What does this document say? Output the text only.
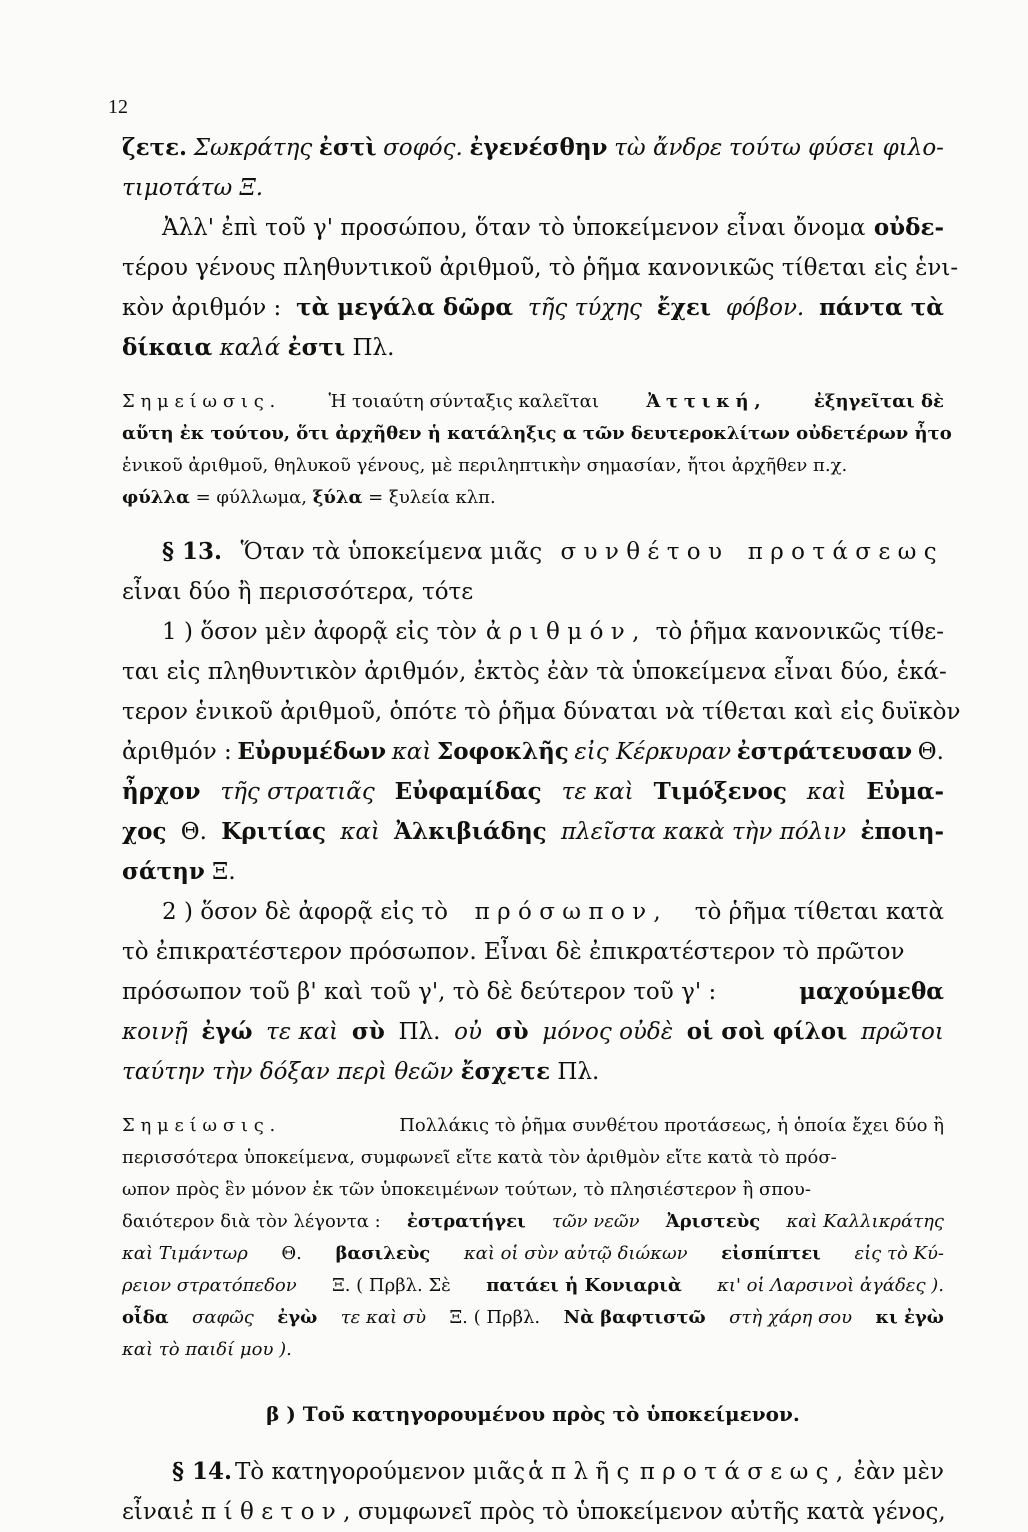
12
ζετε. Σωκράτης ἐστὶ σοφός. ἐγενέσθην τὼ ἄνδρε τούτω φύσει φιλο-
τιμοτάτω Ξ.
Ἀλλ' ἐπὶ τοῦ γ' προσώπου, ὅταν τὸ ὑποκείμενον εἶναι ὄνομα οὐδε-
τέρου γένους πληθυντικοῦ ἀριθμοῦ, τὸ ῥῆμα κανονικῶς τίθεται εἰς ἑνι-
κὸν ἀριθμόν : τὰ μεγάλα δῶρα τῆς τύχης ἔχει φόβον. πάντα τὰ
δίκαια
καλά
ἐστι
Πλ.
Σημείωσις.	Ἡ τοιαύτη σύνταξις καλεῖται	Ἀττική,	ἐξηγεῖται δὲ
αὕτη ἐκ τούτου, ὅτι ἀρχῆθεν ἡ κατάληξις α τῶν δευτεροκλίτων οὐδετέρων ἦτο
ἑνικοῦ ἀριθμοῦ, θηλυκοῦ γένους, μὲ περιληπτικὴν σημασίαν, ἤτοι ἀρχῆθεν π.χ.
φύλλα
= φύλλωμα,
ξύλα
= ξυλεία κλπ.
§ 13. Ὅταν τὰ ὑποκείμενα μιᾶς συνθέτου προτάσεως
εἶναι δύο ἢ περισσότερα, τότε
1 ) ὅσον μὲν ἀφορᾷ εἰς τὸν ἀριθμόν, τὸ ῥῆμα κανονικῶς τίθε-
ται εἰς πληθυντικὸν ἀριθμόν, ἐκτὸς ἐὰν τὰ ὑποκείμενα εἶναι δύο, ἑκά-
τερον ἑνικοῦ ἀριθμοῦ, ὁπότε τὸ ῥῆμα δύναται νὰ τίθεται καὶ εἰς δυϊκὸν
ἀριθμόν : Εὐρυμέδων καὶ Σοφοκλῆς εἰς Κέρκυραν ἐστράτευσαν Θ.
ἦρχον τῆς στρατιᾶς Εὐφαμίδας τε καὶ Τιμόξενος καὶ Εὐμα-
χος Θ. Κριτίας καὶ Ἀλκιβιάδης πλεῖστα κακὰ τὴν πόλιν ἐποιη-
σάτην
Ξ.
2 ) ὅσον δὲ ἀφορᾷ εἰς τὸ πρόσωπον, τὸ ῥῆμα τίθεται κατὰ
τὸ ἐπικρατέστερον πρόσωπον. Εἶναι δὲ ἐπικρατέστερον τὸ πρῶτον
πρόσωπον τοῦ β' καὶ τοῦ γ', τὸ δὲ δεύτερον τοῦ γ' :	μαχούμεθα
κοινῇ ἐγώ τε καὶ σὺ Πλ. οὐ σὺ μόνος οὐδὲ οἱ σοὶ φίλοι πρῶτοι
ταύτην τὴν δόξαν περὶ θεῶν
ἔσχετε
Πλ.
Σημείωσις.	Πολλάκις τὸ ῥῆμα συνθέτου προτάσεως, ἡ ὁποία ἔχει δύο ἢ
περισσότερα ὑποκείμενα, συμφωνεῖ εἴτε κατὰ τὸν ἀριθμὸν εἴτε κατὰ τὸ πρόσ-
ωπον πρὸς ἓν μόνον ἐκ τῶν ὑποκειμένων τούτων, τὸ πλησιέστερον ἢ σπου-
δαιότερον διὰ τὸν λέγοντα : ἐστρατήγει τῶν νεῶν Ἀριστεὺς καὶ Καλλικράτης
καὶ Τιμάντωρ Θ. βασιλεὺς καὶ οἱ σὺν αὐτῷ διώκων εἰσπίπτει εἰς τὸ Κύ-
ρειον στρατόπεδον Ξ. ( Πρβλ. Σὲ πατάει ἡ Κονιαριὰ κι' οἱ Λαρσινοὶ ἀγάδες ).
οἶδα σαφῶς ἐγὼ τε καὶ σὺ Ξ. ( Πρβλ. Νὰ βαφτιστῶ στὴ χάρη σου κι ἐγὼ
καὶ τὸ παιδί μου ).
β ) Τοῦ κατηγορουμένου πρὸς τὸ ὑποκείμενον.
§ 14. Τὸ κατηγορούμενον μιᾶς ἁπλῆς προτάσεως, ἐὰν μὲν
εἶναι ἐπίθετον, συμφωνεῖ πρὸς τὸ ὑποκείμενον αὐτῆς κατὰ γένος,
